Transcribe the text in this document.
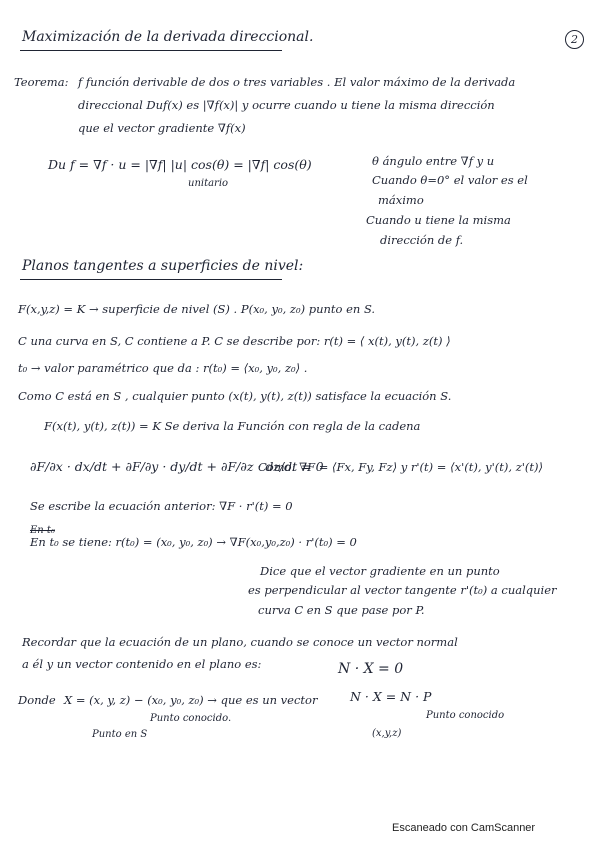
Maximización de la derivada direccional.	2
Teorema: f función derivable de dos o tres variables . El valor máximo de la derivada
direccional Duf(x) es |∇f(x)| y ocurre cuando u tiene la misma dirección
que el vector gradiente ∇f(x)
Du f = ∇f · u = |∇f| |u| cos(θ) = |∇f| cos(θ)
unitario
θ ángulo entre ∇f y u
Cuando θ=0° el valor es el
máximo
Cuando u tiene la misma
dirección de f.
Planos tangentes a superficies de nivel:
F(x,y,z) = K → superficie de nivel (S) . P(x₀, y₀, z₀) punto en S.
C una curva en S, C contiene a P. C se describe por: r(t) = ⟨ x(t), y(t), z(t) ⟩
t₀ → valor paramétrico que da : r(t₀) = ⟨x₀, y₀, z₀⟩ .
Como C está en S , cualquier punto (x(t), y(t), z(t)) satisface la ecuación S.
F(x(t), y(t), z(t)) = K Se deriva la Función con regla de la cadena
∂F/∂x · dx/dt + ∂F/∂y · dy/dt + ∂F/∂z · dz/dt = 0
Como: ∇F = ⟨Fx, Fy, Fz⟩ y r'(t) = ⟨x'(t), y'(t), z'(t)⟩
Se escribe la ecuación anterior: ∇F · r'(t) = 0
En t₀
En t₀ se tiene: r(t₀) = (x₀, y₀, z₀) → ∇F(x₀,y₀,z₀) · r'(t₀) = 0
Dice que el vector gradiente en un punto
es perpendicular al vector tangente r'(t₀) a cualquier
curva C en S que pase por P.
Recordar que la ecuación de un plano, cuando se conoce un vector normal
a él y un vector contenido en el plano es:	N · X = 0
Donde X = (x, y, z) − (x₀, y₀, z₀) → que es un vector
Punto conocido.
Punto en S
N · X = N · P
Punto conocido
(x,y,z)
Escaneado con CamScanner
